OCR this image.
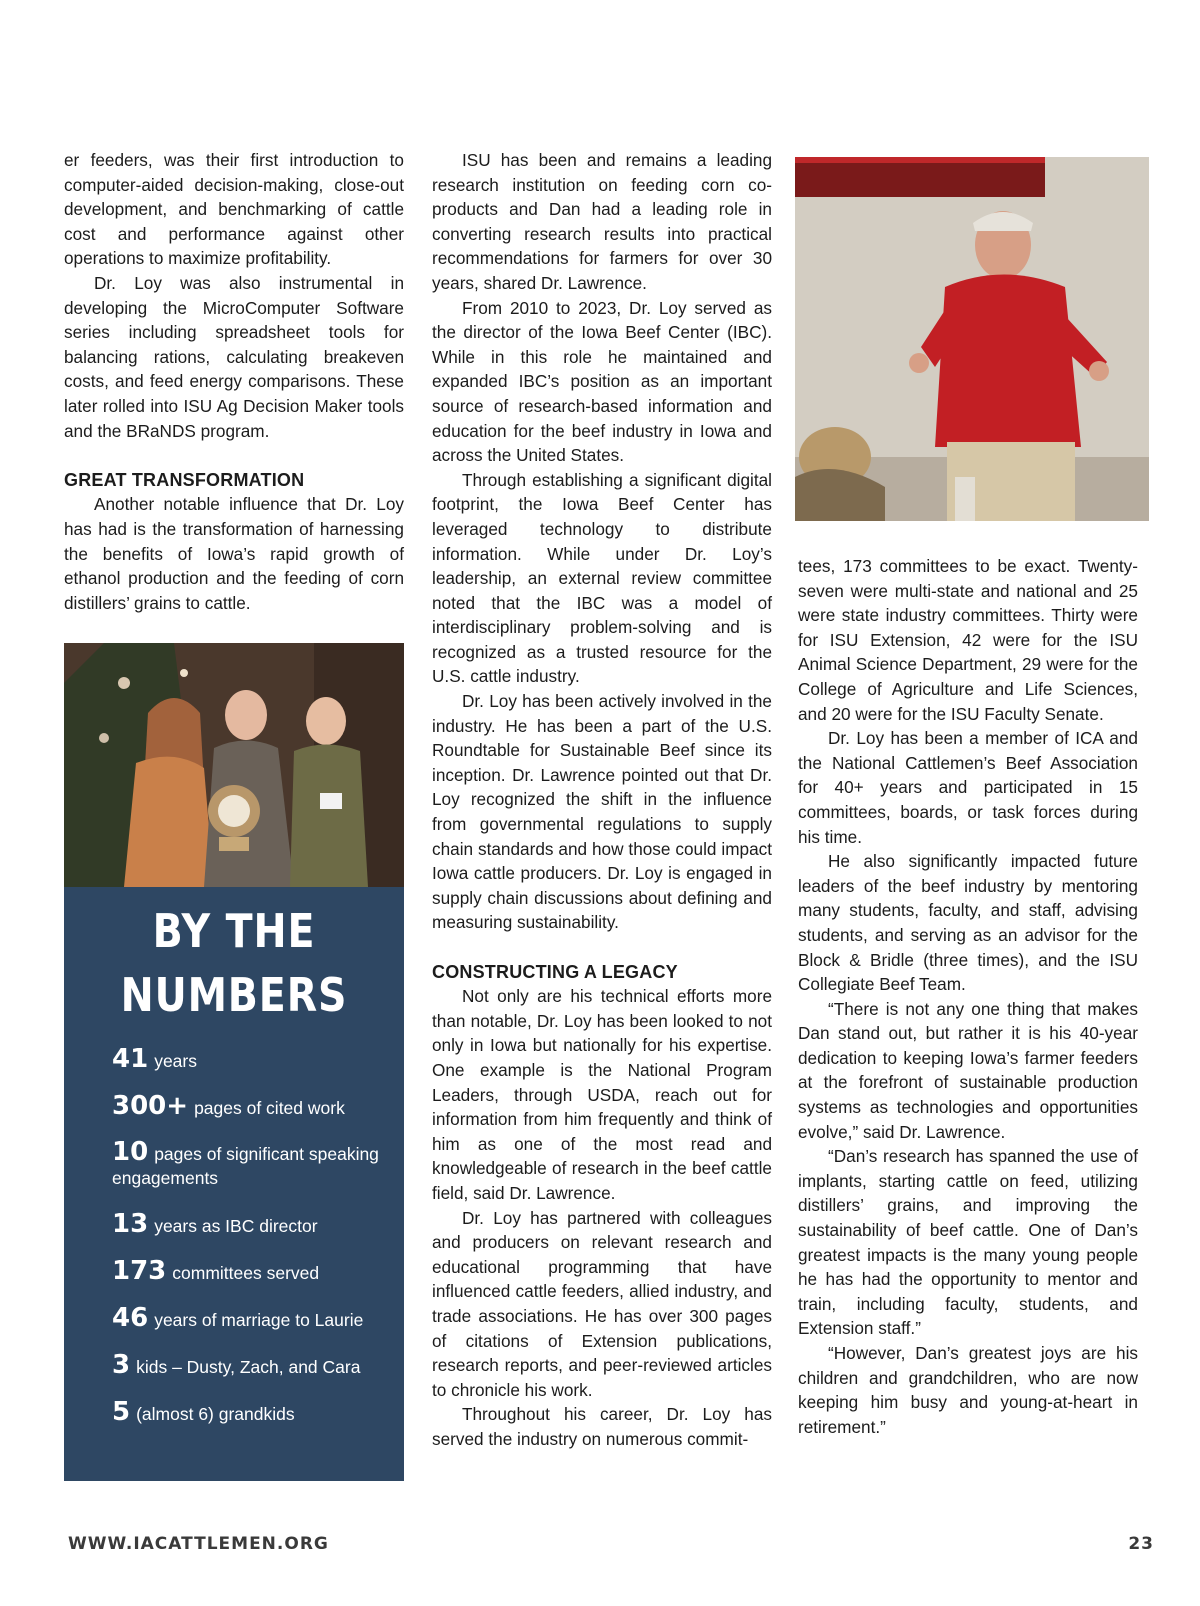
er feeders, was their first introduction to computer-aided decision-making, close-out development, and benchmarking of cattle cost and performance against other operations to maximize profitability.

Dr. Loy was also instrumental in developing the MicroComputer Software series including spreadsheet tools for balancing rations, calculating breakeven costs, and feed energy comparisons. These later rolled into ISU Ag Decision Maker tools and the BRaNDS program.

GREAT TRANSFORMATION

Another notable influence that Dr. Loy has had is the transformation of harnessing the benefits of Iowa’s rapid growth of ethanol production and the feeding of corn distillers’ grains to cattle.

BY THE
NUMBERS
41 years
300+ pages of cited work
10 pages of significant speaking engagements
13 years as IBC director
173 committees served
46 years of marriage to Laurie
3 kids – Dusty, Zach, and Cara
5 (almost 6) grandkids

ISU has been and remains a leading research institution on feeding corn co-products and Dan had a leading role in converting research results into practical recommendations for farmers for over 30 years, shared Dr. Lawrence.

From 2010 to 2023, Dr. Loy served as the director of the Iowa Beef Center (IBC). While in this role he maintained and expanded IBC’s position as an important source of research-based information and education for the beef industry in Iowa and across the United States.

Through establishing a significant digital footprint, the Iowa Beef Center has leveraged technology to distribute information. While under Dr. Loy’s leadership, an external review committee noted that the IBC was a model of interdisciplinary problem-solving and is recognized as a trusted resource for the U.S. cattle industry.

Dr. Loy has been actively involved in the industry. He has been a part of the U.S. Roundtable for Sustainable Beef since its inception. Dr. Lawrence pointed out that Dr. Loy recognized the shift in the influence from governmental regulations to supply chain standards and how those could impact Iowa cattle producers. Dr. Loy is engaged in supply chain discussions about defining and measuring sustainability.

CONSTRUCTING A LEGACY

Not only are his technical efforts more than notable, Dr. Loy has been looked to not only in Iowa but nationally for his expertise. One example is the National Program Leaders, through USDA, reach out for information from him frequently and think of him as one of the most read and knowledgeable of research in the beef cattle field, said Dr. Lawrence.

Dr. Loy has partnered with colleagues and producers on relevant research and educational programming that have influenced cattle feeders, allied industry, and trade associations. He has over 300 pages of citations of Extension publications, research reports, and peer-reviewed articles to chronicle his work.

Throughout his career, Dr. Loy has served the industry on numerous commit-

tees, 173 committees to be exact. Twenty-seven were multi-state and national and 25 were state industry committees. Thirty were for ISU Extension, 42 were for the ISU Animal Science Department, 29 were for the College of Agriculture and Life Sciences, and 20 were for the ISU Faculty Senate.

Dr. Loy has been a member of ICA and the National Cattlemen’s Beef Association for 40+ years and participated in 15 committees, boards, or task forces during his time.

He also significantly impacted future leaders of the beef industry by mentoring many students, faculty, and staff, advising students, and serving as an advisor for the Block & Bridle (three times), and the ISU Collegiate Beef Team.

“There is not any one thing that makes Dan stand out, but rather it is his 40-year dedication to keeping Iowa’s farmer feeders at the forefront of sustainable production systems as technologies and opportunities evolve,” said Dr. Lawrence.

“Dan’s research has spanned the use of implants, starting cattle on feed, utilizing distillers’ grains, and improving the sustainability of beef cattle. One of Dan’s greatest impacts is the many young people he has had the opportunity to mentor and train, including faculty, students, and Extension staff.”

“However, Dan’s greatest joys are his children and grandchildren, who are now keeping him busy and young-at-heart in retirement.”

WWW.IACATTLEMEN.ORG	23
